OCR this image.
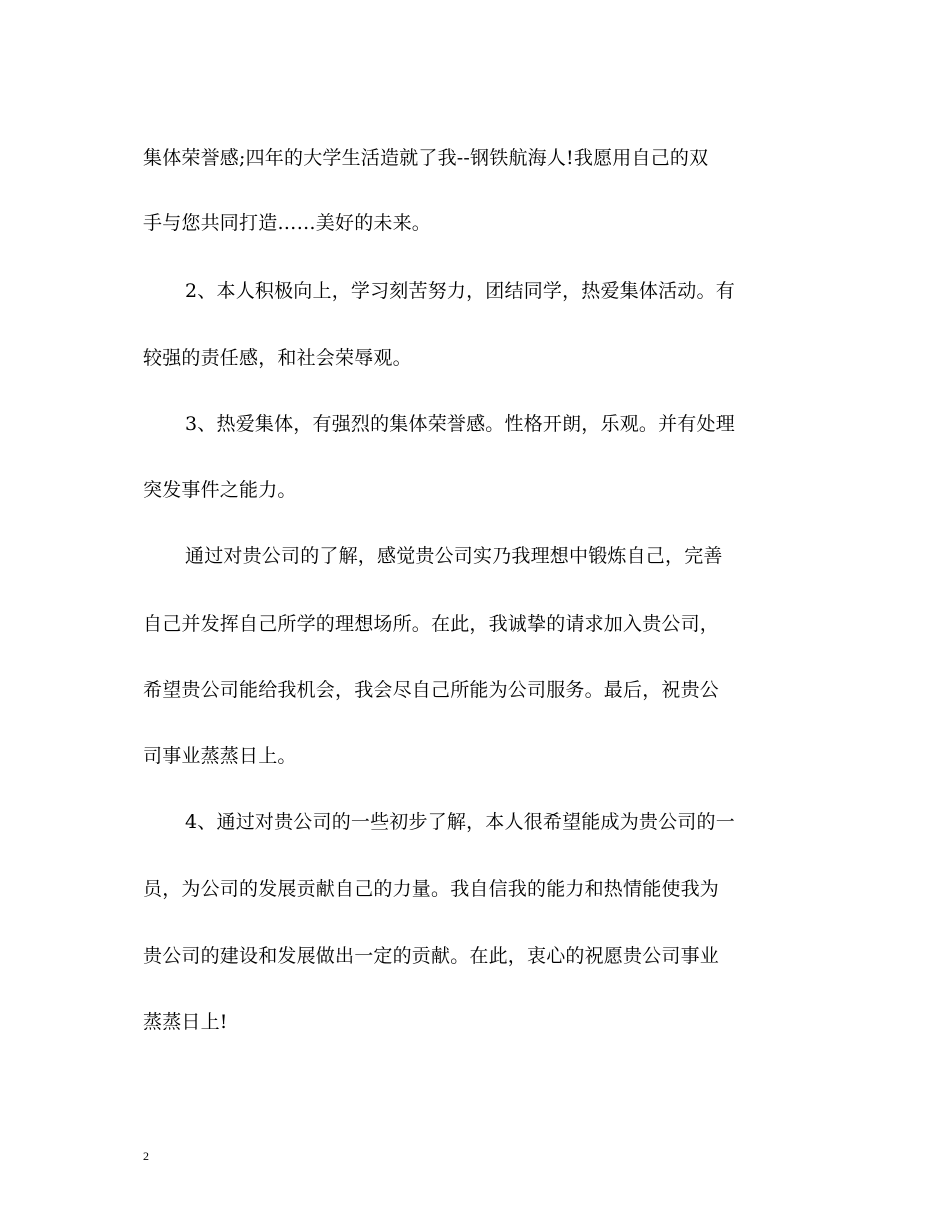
集体荣誉感;四年的大学生活造就了我--钢铁航海人!我愿用自己的双
手与您共同打造……美好的未来。
2、本人积极向上，学习刻苦努力，团结同学，热爱集体活动。有
较强的责任感，和社会荣辱观。
3、热爱集体，有强烈的集体荣誉感。性格开朗，乐观。并有处理
突发事件之能力。
通过对贵公司的了解，感觉贵公司实乃我理想中锻炼自己，完善
自己并发挥自己所学的理想场所。在此，我诚挚的请求加入贵公司，
希望贵公司能给我机会，我会尽自己所能为公司服务。最后，祝贵公
司事业蒸蒸日上。
4、通过对贵公司的一些初步了解，本人很希望能成为贵公司的一
员，为公司的发展贡献自己的力量。我自信我的能力和热情能使我为
贵公司的建设和发展做出一定的贡献。在此，衷心的祝愿贵公司事业
蒸蒸日上!
2
